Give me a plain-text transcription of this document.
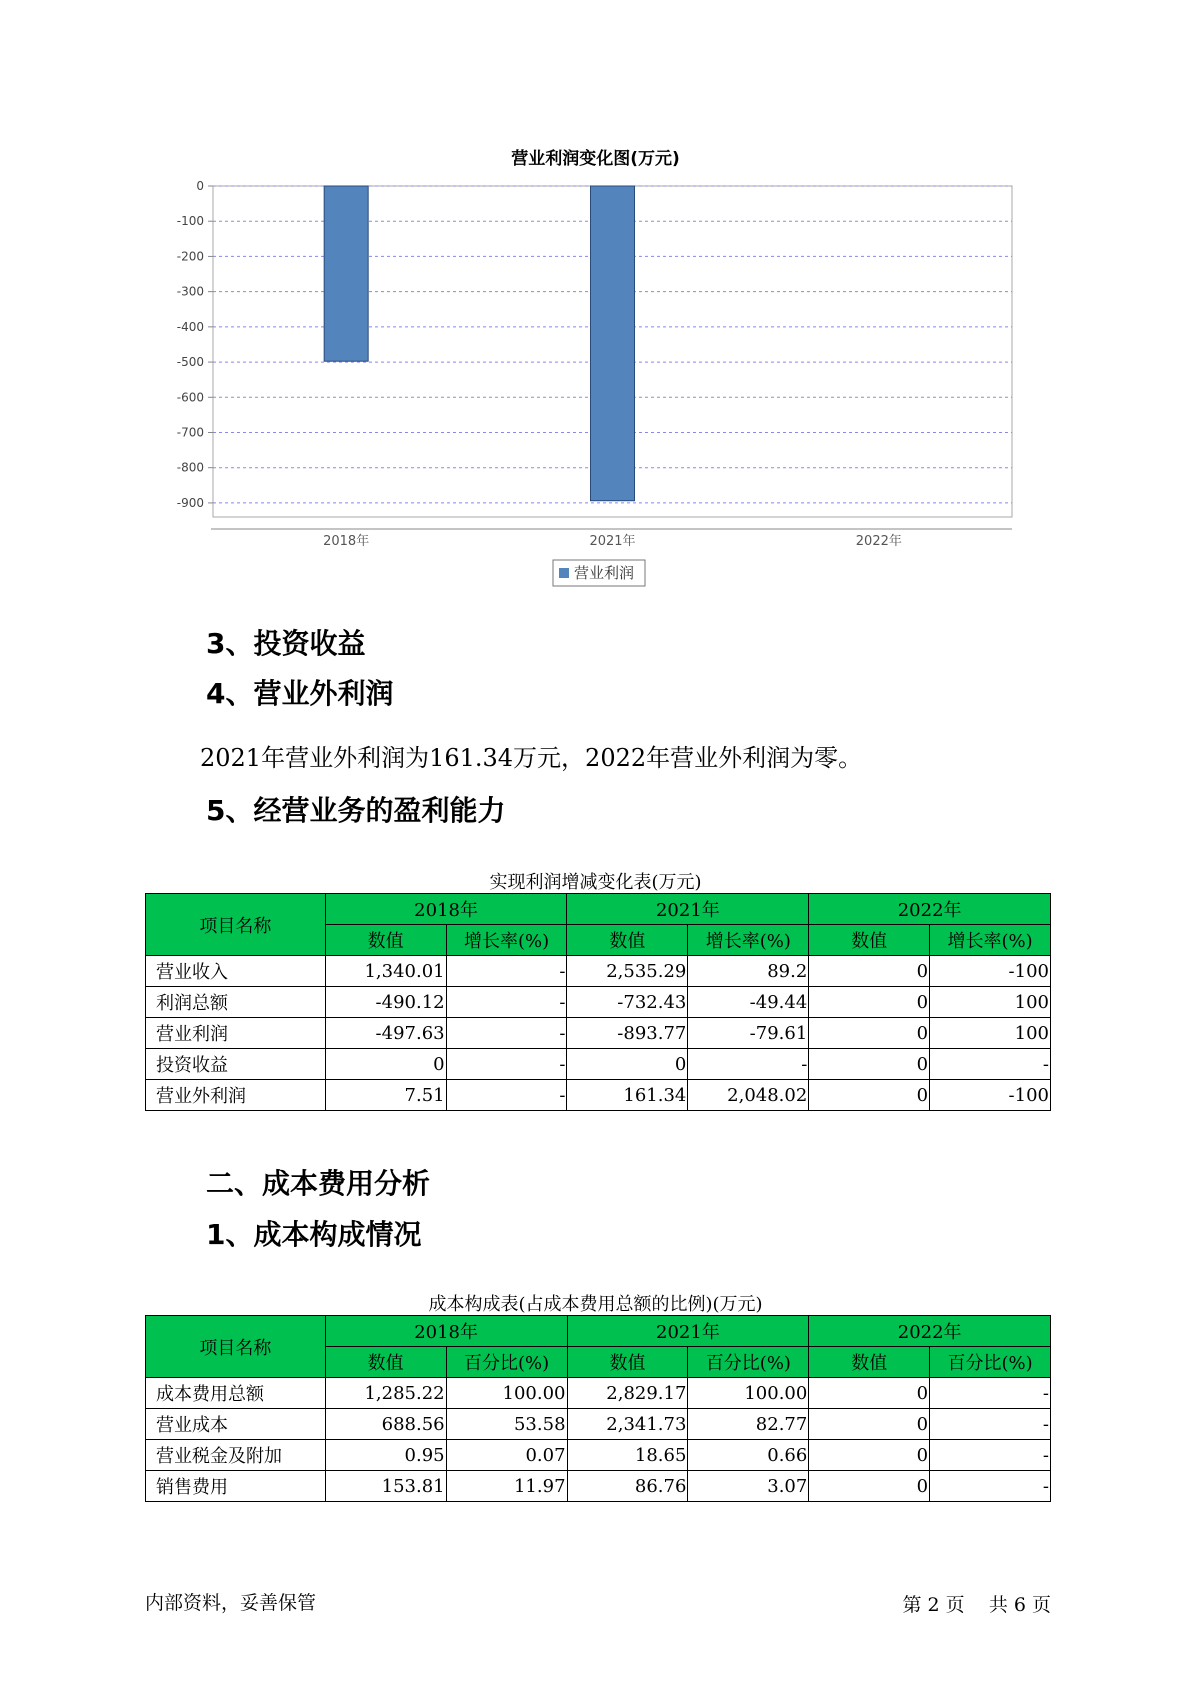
营业利润变化图(万元)
0
-100
-200
-300
-400
-500
-600
-700
-800
-900
2018年	2021年	2022年
营业利润
3、投资收益
4、营业外利润
2021年营业外利润为161.34万元，2022年营业外利润为零。
5、经营业务的盈利能力
实现利润增减变化表(万元)
项目名称	2018年		2021年		2022年	
	数值	增长率(%)	数值	增长率(%)	数值	增长率(%)
营业收入	1,340.01	-	2,535.29	89.2	0	-100
利润总额	-490.12	-	-732.43	-49.44	0	100
营业利润	-497.63	-	-893.77	-79.61	0	100
投资收益	0	-	0	-	0	-
营业外利润	7.51	-	161.34	2,048.02	0	-100
二、成本费用分析
1、成本构成情况
成本构成表(占成本费用总额的比例)(万元)
项目名称	2018年		2021年		2022年	
	数值	百分比(%)	数值	百分比(%)	数值	百分比(%)
成本费用总额	1,285.22	100.00	2,829.17	100.00	0	-
营业成本	688.56	53.58	2,341.73	82.77	0	-
营业税金及附加	0.95	0.07	18.65	0.66	0	-
销售费用	153.81	11.97	86.76	3.07	0	-
内部资料，妥善保管	第 2 页    共 6 页
